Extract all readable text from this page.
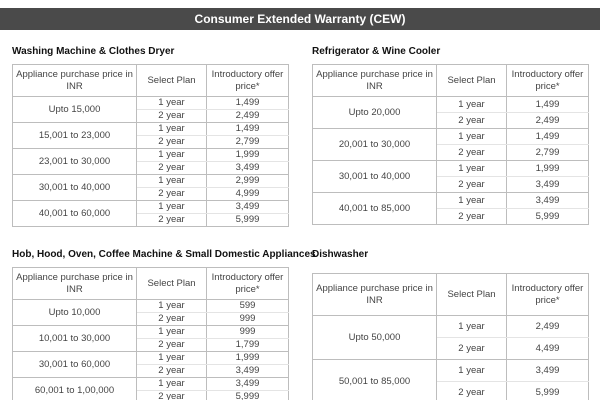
Consumer Extended Warranty (CEW)
Washing Machine & Clothes Dryer
Appliance purchase price in INR	Select Plan	Introductory offer price*
Upto 15,000	1 year	1,499
	2 year	2,499
15,001 to 23,000	1 year	1,499
	2 year	2,799
23,001 to 30,000	1 year	1,999
	2 year	3,499
30,001 to 40,000	1 year	2,999
	2 year	4,999
40,001 to 60,000	1 year	3,499
	2 year	5,999
Refrigerator & Wine Cooler
Appliance purchase price in INR	Select Plan	Introductory offer price*
Upto 20,000	1 year	1,499
	2 year	2,499
20,001 to 30,000	1 year	1,499
	2 year	2,799
30,001 to 40,000	1 year	1,999
	2 year	3,499
40,001 to 85,000	1 year	3,499
	2 year	5,999
Hob, Hood, Oven, Coffee Machine & Small Domestic Appliances
Appliance purchase price in INR	Select Plan	Introductory offer price*
Upto 10,000	1 year	599
	2 year	999
10,001 to 30,000	1 year	999
	2 year	1,799
30,001 to 60,000	1 year	1,999
	2 year	3,499
60,001 to 1,00,000	1 year	3,499
	2 year	5,999
Dishwasher
Appliance purchase price in INR	Select Plan	Introductory offer price*
Upto 50,000	1 year	2,499
	2 year	4,499
50,001 to 85,000	1 year	3,499
	2 year	5,999
